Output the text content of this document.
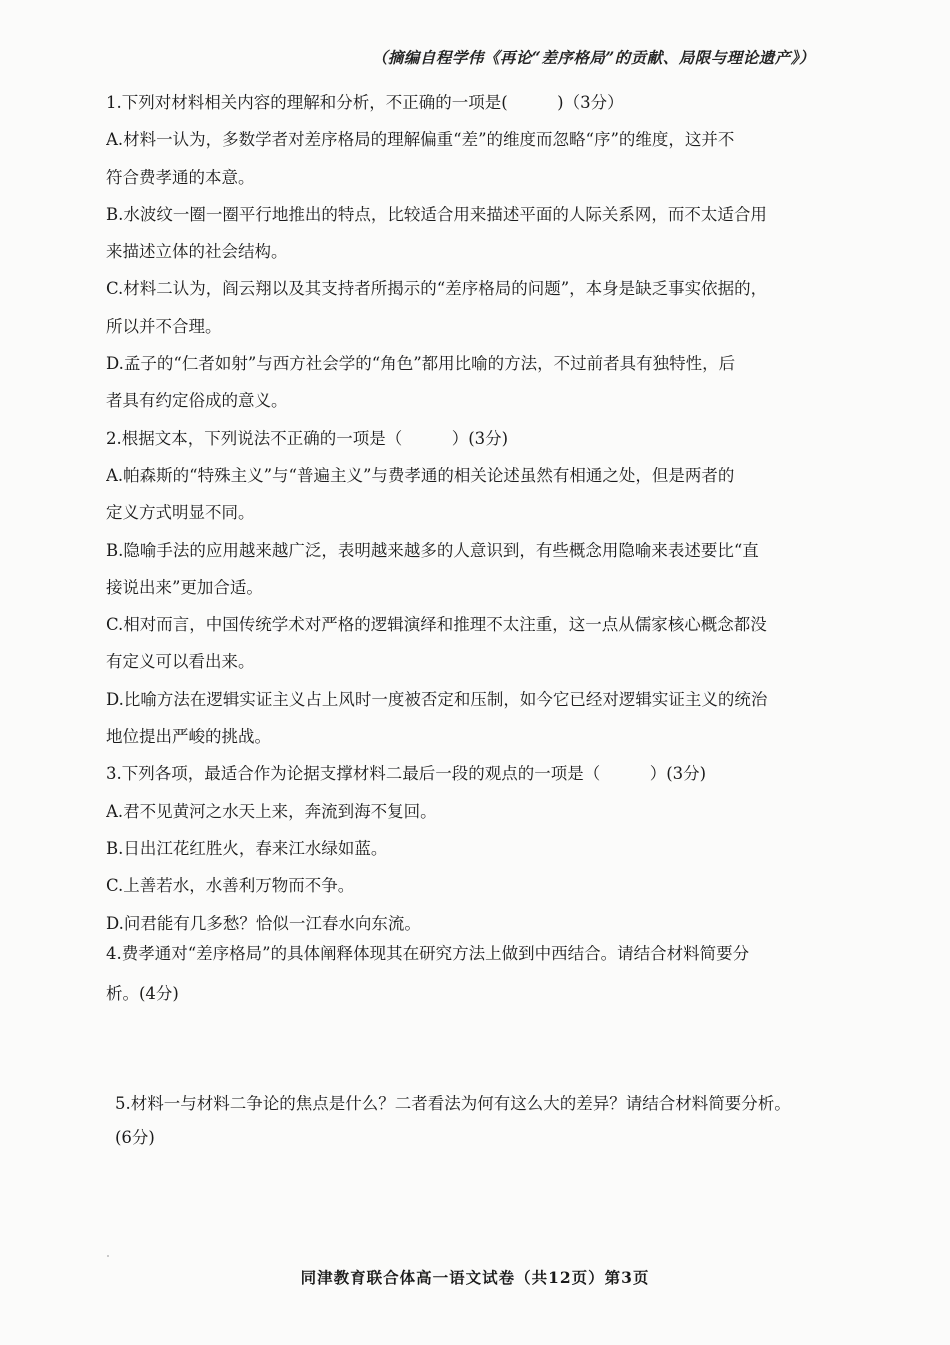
（摘编自程学伟《再论“差序格局”的贡献、局限与理论遗产》）
1.下列对材料相关内容的理解和分析，不正确的一项是(　　　)（3分）
A.材料一认为，多数学者对差序格局的理解偏重“差”的维度而忽略“序”的维度，这并不
符合费孝通的本意。
B.水波纹一圈一圈平行地推出的特点，比较适合用来描述平面的人际关系网，而不太适合用
来描述立体的社会结构。
C.材料二认为，阎云翔以及其支持者所揭示的“差序格局的问题”，本身是缺乏事实依据的，
所以并不合理。
D.孟子的“仁者如射”与西方社会学的“角色”都用比喻的方法，不过前者具有独特性，后
者具有约定俗成的意义。
2.根据文本，下列说法不正确的一项是（　　　）(3分)
A.帕森斯的“特殊主义”与“普遍主义”与费孝通的相关论述虽然有相通之处，但是两者的
定义方式明显不同。
B.隐喻手法的应用越来越广泛，表明越来越多的人意识到，有些概念用隐喻来表述要比“直
接说出来”更加合适。
C.相对而言，中国传统学术对严格的逻辑演绎和推理不太注重，这一点从儒家核心概念都没
有定义可以看出来。
D.比喻方法在逻辑实证主义占上风时一度被否定和压制，如今它已经对逻辑实证主义的统治
地位提出严峻的挑战。
3.下列各项，最适合作为论据支撑材料二最后一段的观点的一项是（　　　）(3分)
A.君不见黄河之水天上来，奔流到海不复回。
B.日出江花红胜火，春来江水绿如蓝。
C.上善若水，水善利万物而不争。
D.问君能有几多愁？恰似一江春水向东流。
4.费孝通对“差序格局”的具体阐释体现其在研究方法上做到中西结合。请结合材料简要分
析。(4分)
5.材料一与材料二争论的焦点是什么？二者看法为何有这么大的差异？请结合材料简要分析。
(6分)
同津教育联合体高一语文试卷（共12页）第3页
